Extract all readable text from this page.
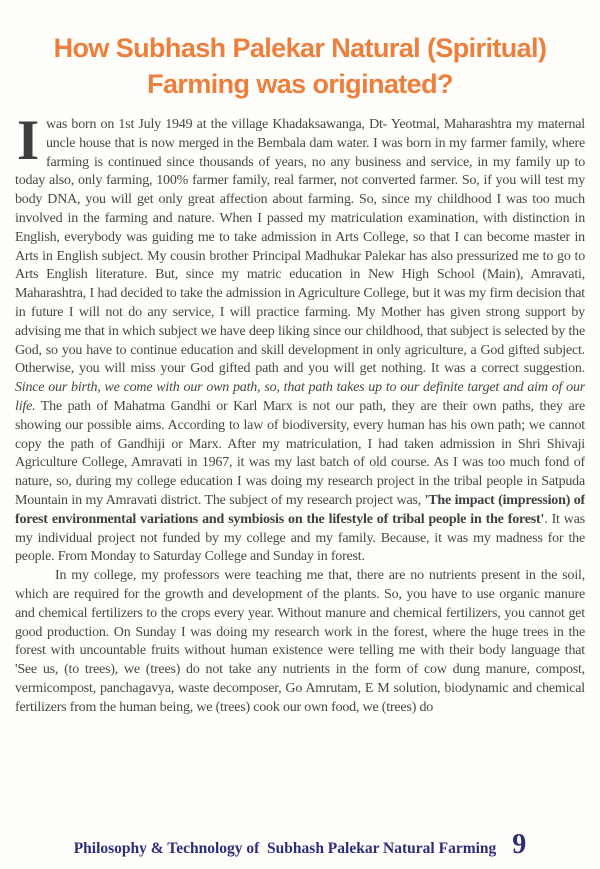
How Subhash Palekar Natural (Spiritual)
Farming was originated?

Iwas born on 1st July 1949 at the village Khadaksawanga, Dt- Yeotmal, Maharashtra my maternal uncle house that is now merged in the Bembala dam water. I was born in my farmer family, where farming is continued since thousands of years, no any business and service, in my family up to today also, only farming, 100% farmer family, real farmer, not converted farmer. So, if you will test my body DNA, you will get only great affection about farming. So, since my childhood I was too much involved in the farming and nature. When I passed my matriculation examination, with distinction in English, everybody was guiding me to take admission in Arts College, so that I can become master in Arts in English subject. My cousin brother Principal Madhukar Palekar has also pressurized me to go to Arts English literature. But, since my matric education in New High School (Main), Amravati, Maharashtra, I had decided to take the admission in Agriculture College, but it was my firm decision that in future I will not do any service, I will practice farming. My Mother has given strong support by advising me that in which subject we have deep liking since our childhood, that subject is selected by the God, so you have to continue education and skill development in only agriculture, a God gifted subject. Otherwise, you will miss your God gifted path and you will get nothing. It was a correct suggestion. Since our birth, we come with our own path, so, that path takes up to our definite target and aim of our life. The path of Mahatma Gandhi or Karl Marx is not our path, they are their own paths, they are showing our possible aims. According to law of biodiversity, every human has his own path; we cannot copy the path of Gandhiji or Marx. After my matriculation, I had taken admission in Shri Shivaji Agriculture College, Amravati in 1967, it was my last batch of old course. As I was too much fond of nature, so, during my college education I was doing my research project in the tribal people in Satpuda Mountain in my Amravati district. The subject of my research project was, 'The impact (impression) of forest environmental variations and symbiosis on the lifestyle of tribal people in the forest'. It was my individual project not funded by my college and my family. Because, it was my madness for the people. From Monday to Saturday College and Sunday in forest.

In my college, my professors were teaching me that, there are no nutrients present in the soil, which are required for the growth and development of the plants. So, you have to use organic manure and chemical fertilizers to the crops every year. Without manure and chemical fertilizers, you cannot get good production. On Sunday I was doing my research work in the forest, where the huge trees in the forest with uncountable fruits without human existence were telling me with their body language that 'See us, (to trees), we (trees) do not take any nutrients in the form of cow dung manure, compost, vermicompost, panchagavya, waste decomposer, Go Amrutam, E M solution, biodynamic and chemical fertilizers from the human being, we (trees) cook our own food, we (trees) do

Philosophy & Technology of  Subhash Palekar Natural Farming 9
